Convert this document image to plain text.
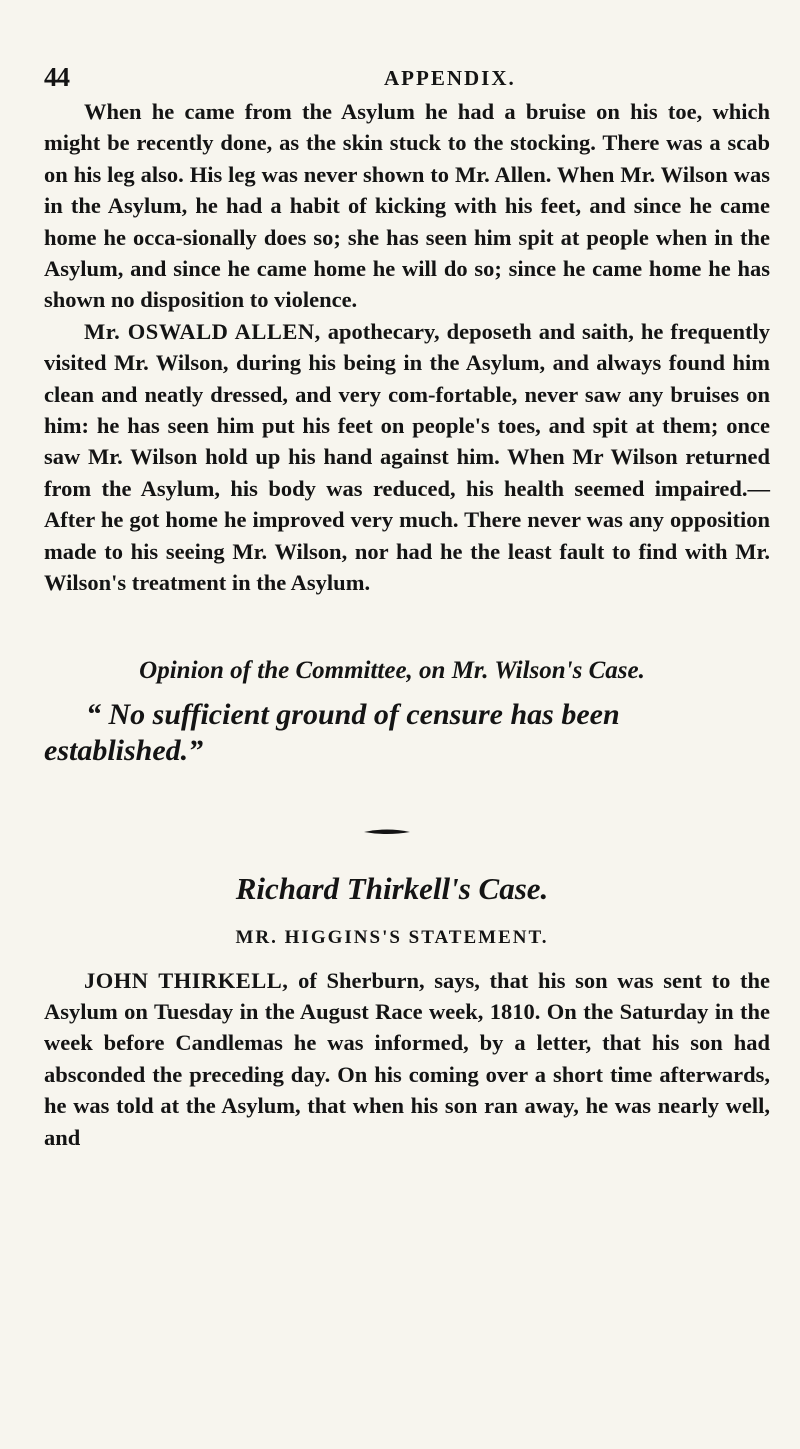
44	APPENDIX.

When he came from the Asylum he had a bruise on his toe, which might be recently done, as the skin stuck to the stocking. There was a scab on his leg also. His leg was never shown to Mr. Allen. When Mr. Wilson was in the Asylum, he had a habit of kicking with his feet, and since he came home he occa-sionally does so; she has seen him spit at people when in the Asylum, and since he came home he will do so; since he came home he has shown no disposition to violence.

Mr. OSWALD ALLEN, apothecary, deposeth and saith, he frequently visited Mr. Wilson, during his being in the Asylum, and always found him clean and neatly dressed, and very com-fortable, never saw any bruises on him: he has seen him put his feet on people's toes, and spit at them; once saw Mr. Wilson hold up his hand against him. When Mr Wilson returned from the Asylum, his body was reduced, his health seemed impaired.— After he got home he improved very much. There never was any opposition made to his seeing Mr. Wilson, nor had he the least fault to find with Mr. Wilson's treatment in the Asylum.

Opinion of the Committee, on Mr. Wilson's Case.
“ No sufficient ground of censure has been established.”
Richard Thirkell's Case.
MR. HIGGINS'S STATEMENT.

JOHN THIRKELL, of Sherburn, says, that his son was sent to the Asylum on Tuesday in the August Race week, 1810. On the Saturday in the week before Candlemas he was informed, by a letter, that his son had absconded the preceding day. On his coming over a short time afterwards, he was told at the Asylum, that when his son ran away, he was nearly well, and
